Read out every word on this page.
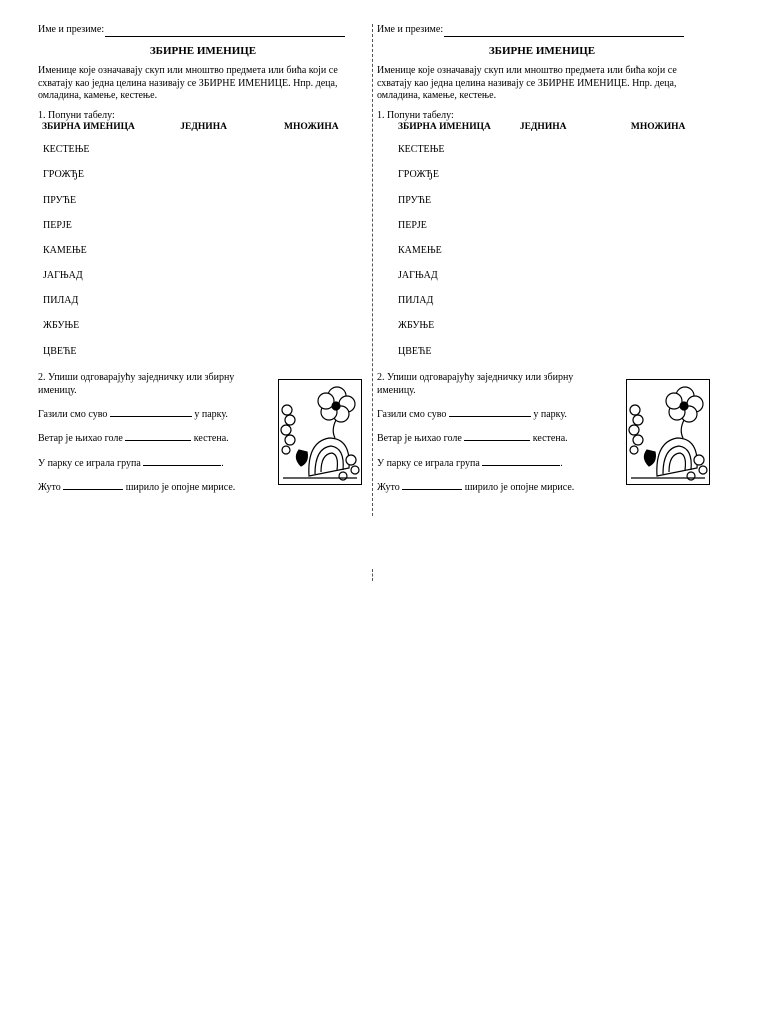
Име и презиме:
ЗБИРНЕ ИМЕНИЦЕ
Именице које означавају скуп или мноштво предмета или бића који се схватају као једна целина називају се ЗБИРНЕ ИМЕНИЦЕ. Нпр. деца, омладина, камење, кестење.
1. Попуни табелу:
ЗБИРНА ИМЕНИЦА	ЈЕДНИНА	МНОЖИНА
КЕСТЕЊЕ
ГРОЖЂЕ
ПРУЋЕ
ПЕРЈЕ
КАМЕЊЕ
ЈАГЊАД
ПИЛАД
ЖБУЊЕ
ЦВЕЋЕ
2. Упиши одговарајућу заједничку или збирну именицу.
Газили смо суво	у парку.
Ветар је њихао голе	кестена.
У парку се играла група	.
Жуто	ширило је опојне мирисе.
Име и презиме:
ЗБИРНЕ ИМЕНИЦЕ
Именице које означавају скуп или мноштво предмета или бића који се схватају као једна целина називају се ЗБИРНЕ ИМЕНИЦЕ. Нпр. деца, омладина, камење, кестење.
1. Попуни табелу:
ЗБИРНА ИМЕНИЦА	ЈЕДНИНА	МНОЖИНА
КЕСТЕЊЕ
ГРОЖЂЕ
ПРУЋЕ
ПЕРЈЕ
КАМЕЊЕ
ЈАГЊАД
ПИЛАД
ЖБУЊЕ
ЦВЕЋЕ
2. Упиши одговарајућу заједничку или збирну именицу.
Газили смо суво	у парку.
Ветар је њихао голе	кестена.
У парку се играла група	.
Жуто	ширило је опојне мирисе.
